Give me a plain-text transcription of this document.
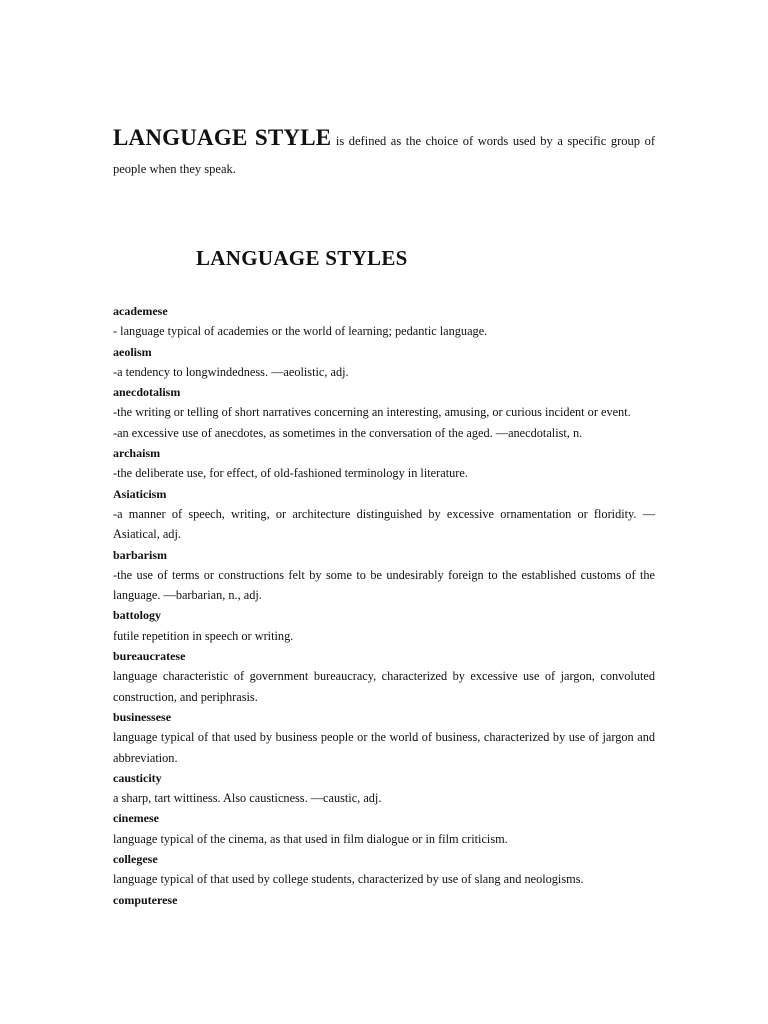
LANGUAGE STYLE is defined as the choice of words used by a specific group of people when they speak.
LANGUAGE STYLES
academese
- language typical of academies or the world of learning; pedantic language.
aeolism
-a tendency to longwindedness. —aeolistic, adj.
anecdotalism
-the writing or telling of short narratives concerning an interesting, amusing, or curious incident or event.
-an excessive use of anecdotes, as sometimes in the conversation of the aged. —anecdotalist, n.
archaism
-the deliberate use, for effect, of old-fashioned terminology in literature.
Asiaticism
-a manner of speech, writing, or architecture distinguished by excessive ornamentation or floridity. —Asiatical, adj.
barbarism
-the use of terms or constructions felt by some to be undesirably foreign to the established customs of the language. —barbarian, n., adj.
battology
futile repetition in speech or writing.
bureaucratese
language characteristic of government bureaucracy, characterized by excessive use of jargon, convoluted construction, and periphrasis.
businessese
language typical of that used by business people or the world of business, characterized by use of jargon and abbreviation.
causticity
a sharp, tart wittiness. Also causticness. —caustic, adj.
cinemese
language typical of the cinema, as that used in film dialogue or in film criticism.
collegese
language typical of that used by college students, characterized by use of slang and neologisms.
computerese
